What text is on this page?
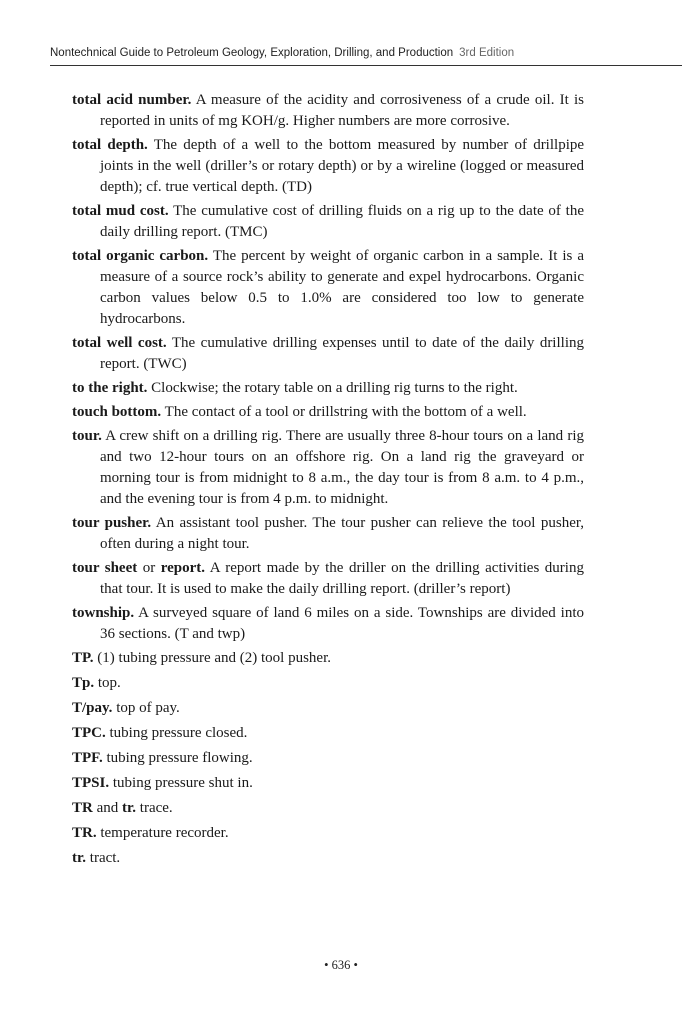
Nontechnical Guide to Petroleum Geology, Exploration, Drilling, and Production 3rd Edition

total acid number. A measure of the acidity and corrosiveness of a crude oil. It is reported in units of mg KOH/g. Higher numbers are more corrosive.

total depth. The depth of a well to the bottom measured by number of drillpipe joints in the well (driller’s or rotary depth) or by a wireline (logged or measured depth); cf. true vertical depth. (TD)

total mud cost. The cumulative cost of drilling fluids on a rig up to the date of the daily drilling report. (TMC)

total organic carbon. The percent by weight of organic carbon in a sample. It is a measure of a source rock’s ability to generate and expel hydrocarbons. Organic carbon values below 0.5 to 1.0% are considered too low to generate hydrocarbons.

total well cost. The cumulative drilling expenses until to date of the daily drilling report. (TWC)

to the right. Clockwise; the rotary table on a drilling rig turns to the right.

touch bottom. The contact of a tool or drillstring with the bottom of a well.

tour. A crew shift on a drilling rig. There are usually three 8-hour tours on a land rig and two 12-hour tours on an offshore rig. On a land rig the graveyard or morning tour is from midnight to 8 a.m., the day tour is from 8 a.m. to 4 p.m., and the evening tour is from 4 p.m. to midnight.

tour pusher. An assistant tool pusher. The tour pusher can relieve the tool pusher, often during a night tour.

tour sheet or report. A report made by the driller on the drilling activities during that tour. It is used to make the daily drilling report. (driller’s report)

township. A surveyed square of land 6 miles on a side. Townships are divided into 36 sections. (T and twp)

TP. (1) tubing pressure and (2) tool pusher.

Tp. top.

T/pay. top of pay.

TPC. tubing pressure closed.

TPF. tubing pressure flowing.

TPSI. tubing pressure shut in.

TR and tr. trace.

TR. temperature recorder.

tr. tract.

• 636 •
